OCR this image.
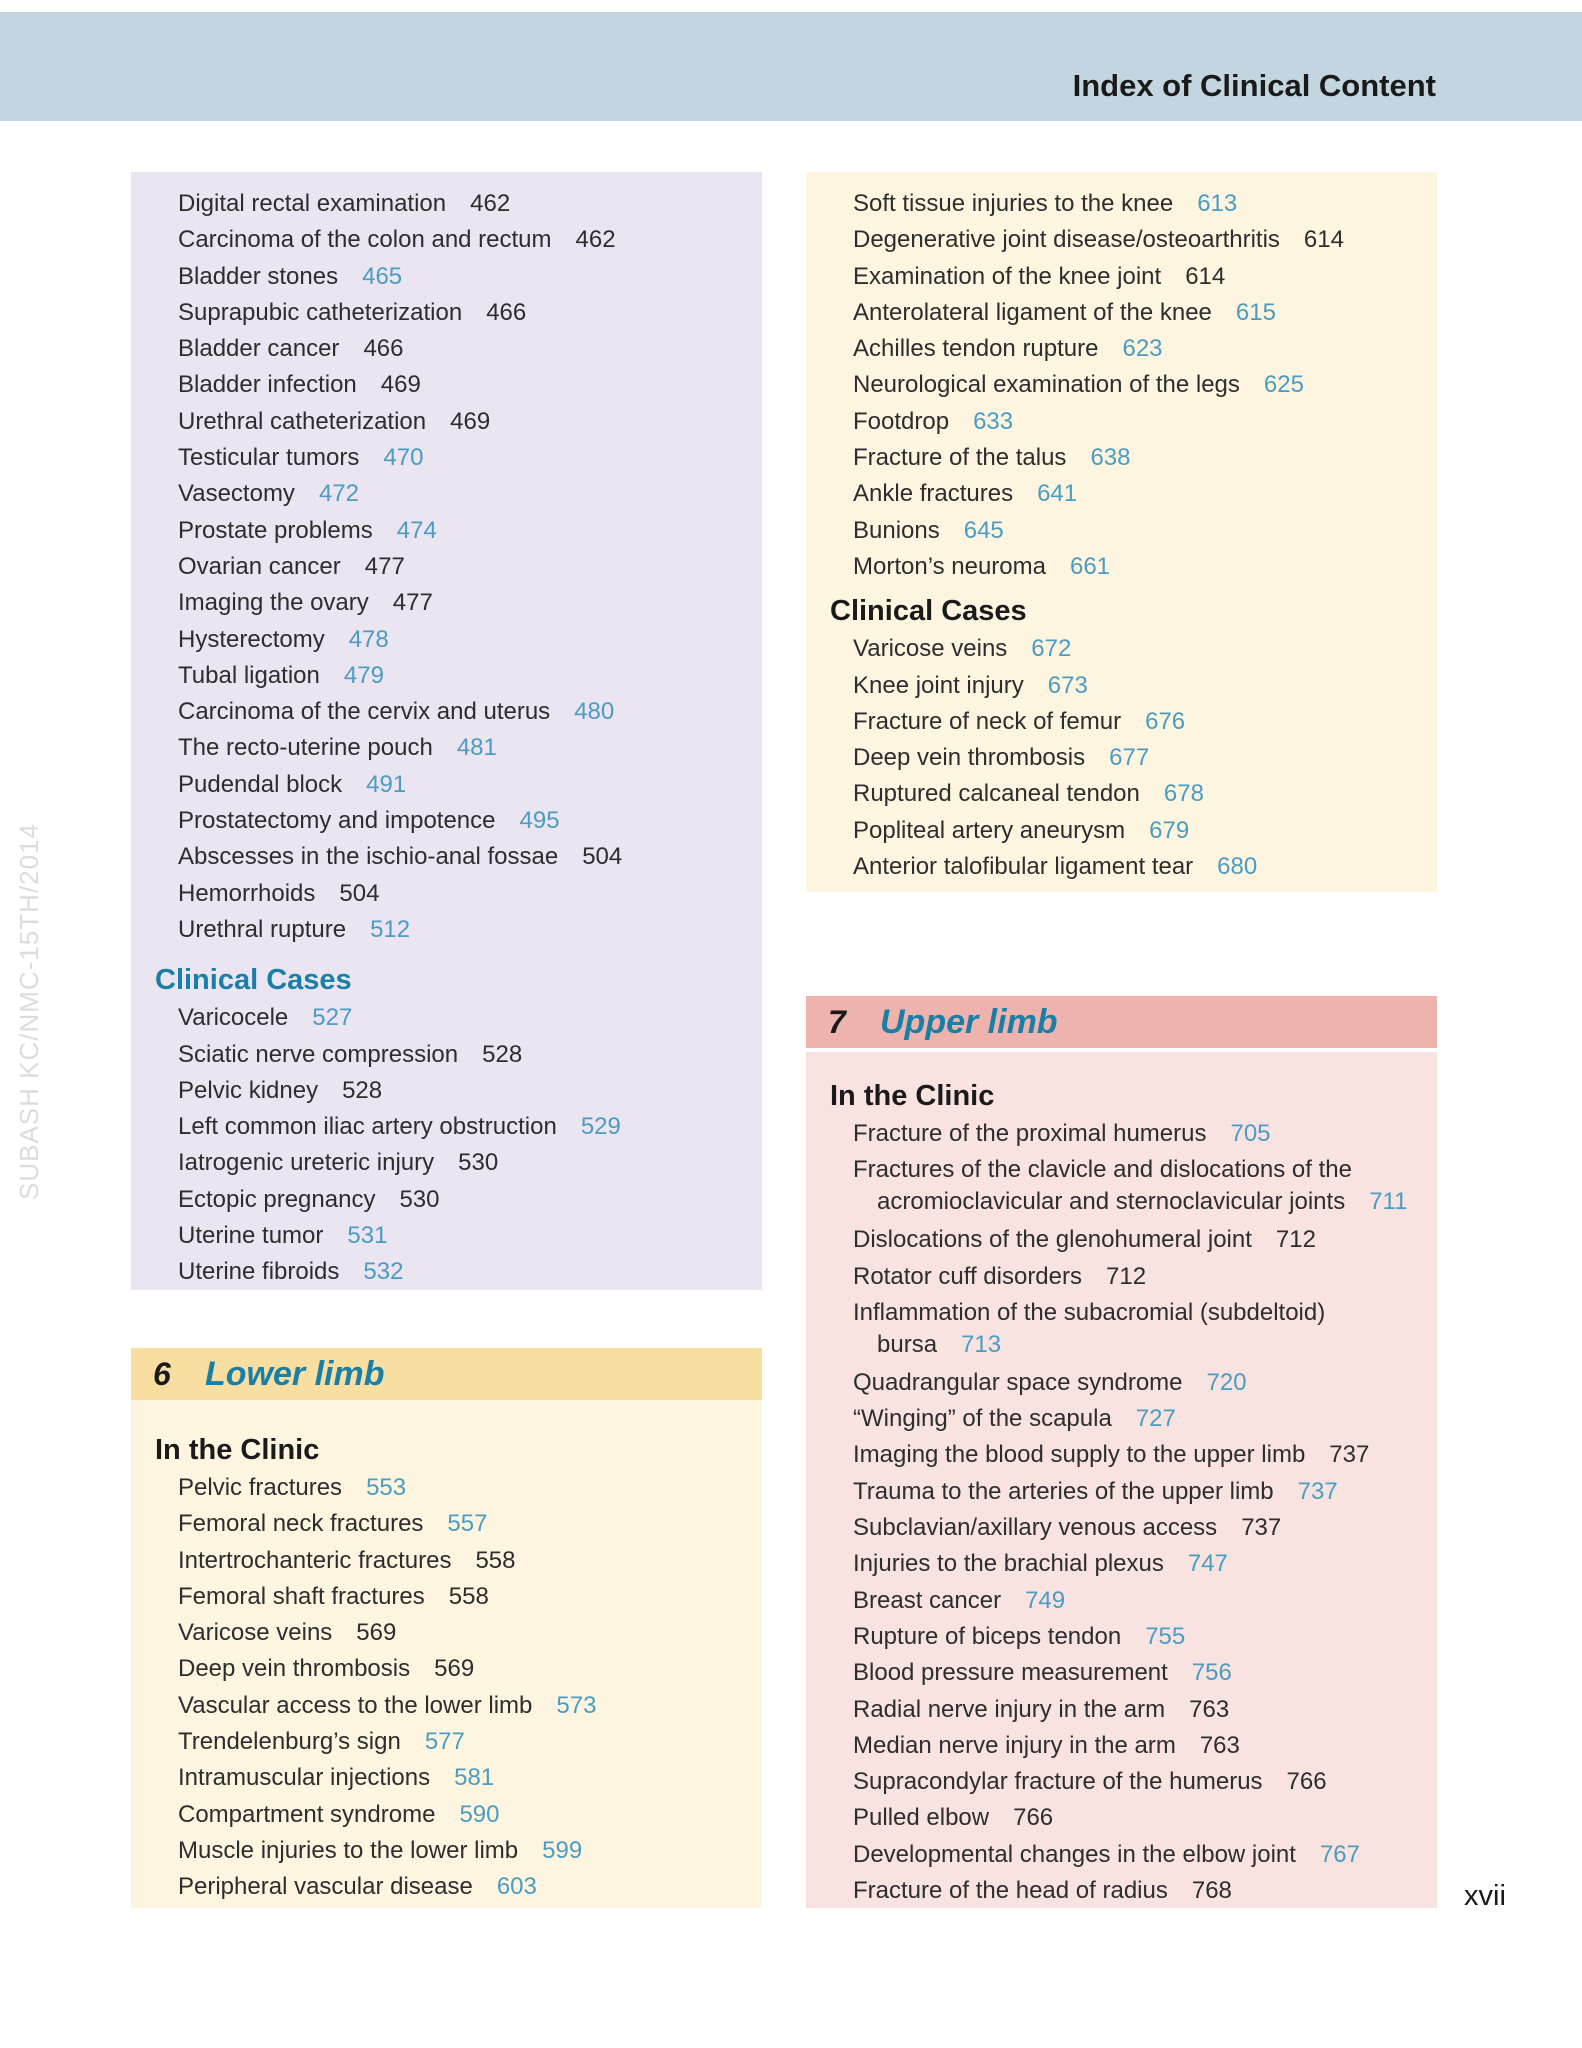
Index of Clinical Content
SUBASH KC/NMC-15TH/2014
Digital rectal examination 462
Carcinoma of the colon and rectum 462
Bladder stones 465
Suprapubic catheterization 466
Bladder cancer 466
Bladder infection 469
Urethral catheterization 469
Testicular tumors 470
Vasectomy 472
Prostate problems 474
Ovarian cancer 477
Imaging the ovary 477
Hysterectomy 478
Tubal ligation 479
Carcinoma of the cervix and uterus 480
The recto-uterine pouch 481
Pudendal block 491
Prostatectomy and impotence 495
Abscesses in the ischio-anal fossae 504
Hemorrhoids 504
Urethral rupture 512
Clinical Cases
Varicocele 527
Sciatic nerve compression 528
Pelvic kidney 528
Left common iliac artery obstruction 529
Iatrogenic ureteric injury 530
Ectopic pregnancy 530
Uterine tumor 531
Uterine fibroids 532
6	Lower limb
In the Clinic
Pelvic fractures 553
Femoral neck fractures 557
Intertrochanteric fractures 558
Femoral shaft fractures 558
Varicose veins 569
Deep vein thrombosis 569
Vascular access to the lower limb 573
Trendelenburg’s sign 577
Intramuscular injections 581
Compartment syndrome 590
Muscle injuries to the lower limb 599
Peripheral vascular disease 603
Soft tissue injuries to the knee 613
Degenerative joint disease/osteoarthritis 614
Examination of the knee joint 614
Anterolateral ligament of the knee 615
Achilles tendon rupture 623
Neurological examination of the legs 625
Footdrop 633
Fracture of the talus 638
Ankle fractures 641
Bunions 645
Morton’s neuroma 661
Clinical Cases
Varicose veins 672
Knee joint injury 673
Fracture of neck of femur 676
Deep vein thrombosis 677
Ruptured calcaneal tendon 678
Popliteal artery aneurysm 679
Anterior talofibular ligament tear 680
7	Upper limb
In the Clinic
Fracture of the proximal humerus 705
Fractures of the clavicle and dislocations of the
acromioclavicular and sternoclavicular joints 711
Dislocations of the glenohumeral joint 712
Rotator cuff disorders 712
Inflammation of the subacromial (subdeltoid)
bursa 713
Quadrangular space syndrome 720
“Winging” of the scapula 727
Imaging the blood supply to the upper limb 737
Trauma to the arteries of the upper limb 737
Subclavian/axillary venous access 737
Injuries to the brachial plexus 747
Breast cancer 749
Rupture of biceps tendon 755
Blood pressure measurement 756
Radial nerve injury in the arm 763
Median nerve injury in the arm 763
Supracondylar fracture of the humerus 766
Pulled elbow 766
Developmental changes in the elbow joint 767
Fracture of the head of radius 768	xvii
